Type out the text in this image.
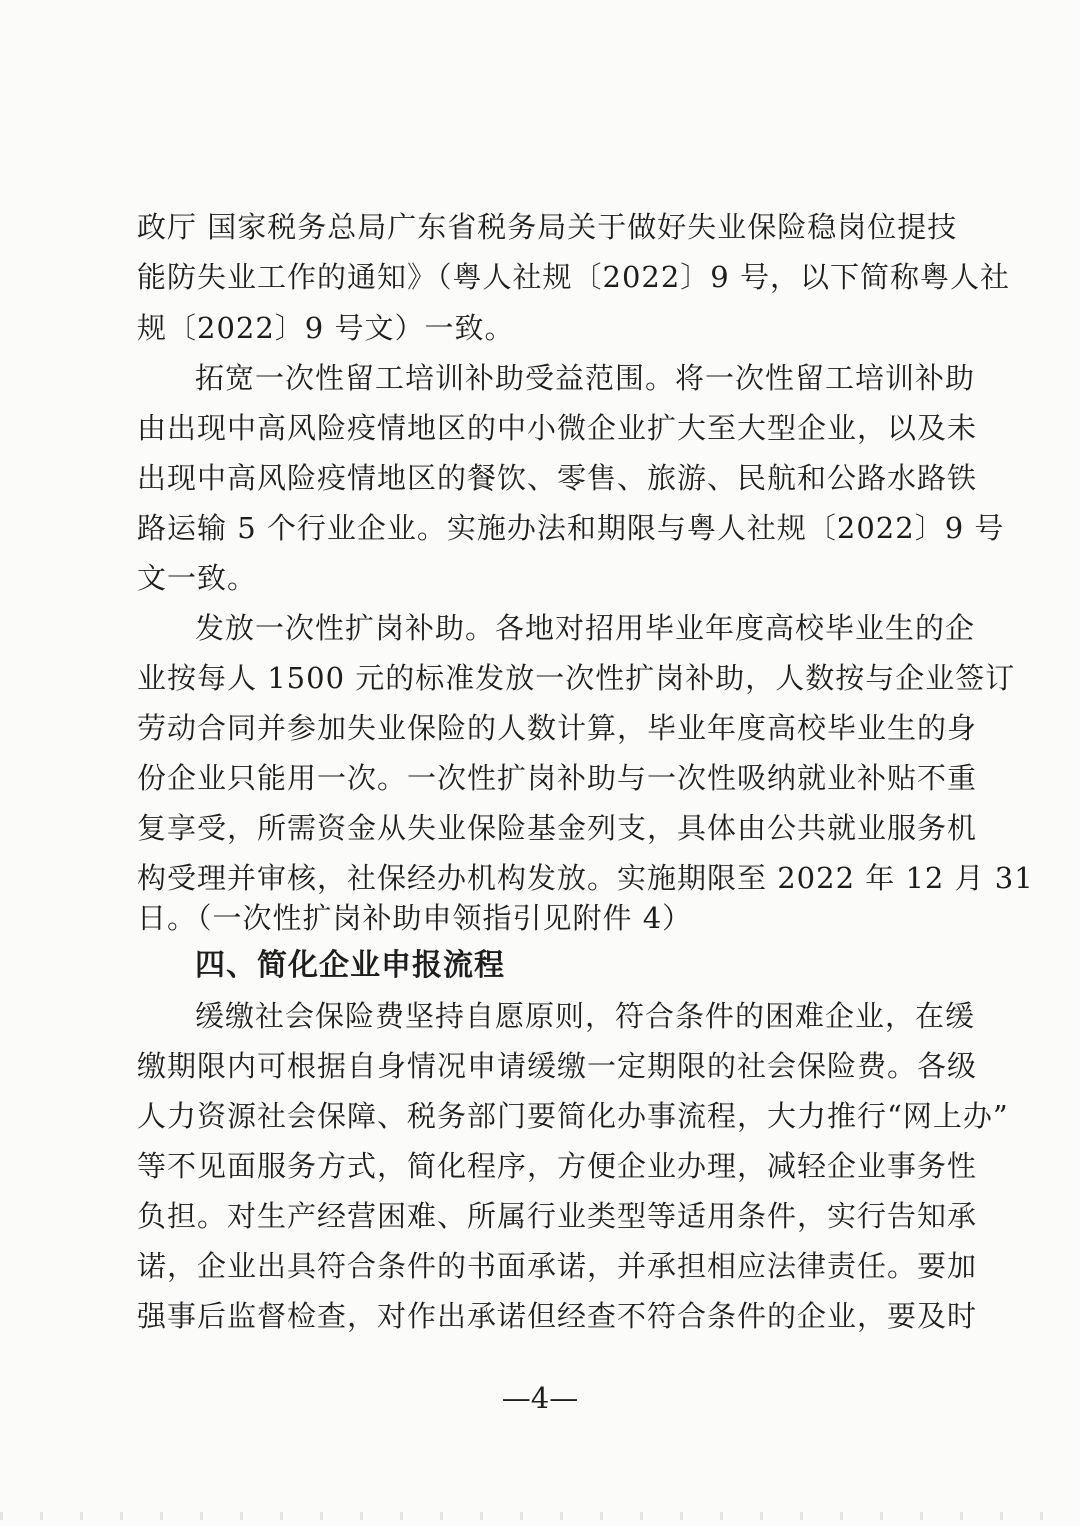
政厅 国家税务总局广东省税务局关于做好失业保险稳岗位提技
能防失业工作的通知》（粤人社规〔2022〕9 号，以下简称粤人社
规〔2022〕9 号文）一致。
拓宽一次性留工培训补助受益范围。将一次性留工培训补助
由出现中高风险疫情地区的中小微企业扩大至大型企业，以及未
出现中高风险疫情地区的餐饮、零售、旅游、民航和公路水路铁
路运输 5 个行业企业。实施办法和期限与粤人社规〔2022〕9 号
文一致。
发放一次性扩岗补助。各地对招用毕业年度高校毕业生的企
业按每人 1500 元的标准发放一次性扩岗补助，人数按与企业签订
劳动合同并参加失业保险的人数计算，毕业年度高校毕业生的身
份企业只能用一次。一次性扩岗补助与一次性吸纳就业补贴不重
复享受，所需资金从失业保险基金列支，具体由公共就业服务机
构受理并审核，社保经办机构发放。实施期限至 2022 年 12 月 31
日。（一次性扩岗补助申领指引见附件 4）
四、简化企业申报流程
缓缴社会保险费坚持自愿原则，符合条件的困难企业，在缓
缴期限内可根据自身情况申请缓缴一定期限的社会保险费。各级
人力资源社会保障、税务部门要简化办事流程，大力推行“网上办”
等不见面服务方式，简化程序，方便企业办理，减轻企业事务性
负担。对生产经营困难、所属行业类型等适用条件，实行告知承
诺，企业出具符合条件的书面承诺，并承担相应法律责任。要加
强事后监督检查，对作出承诺但经查不符合条件的企业，要及时
—4—
